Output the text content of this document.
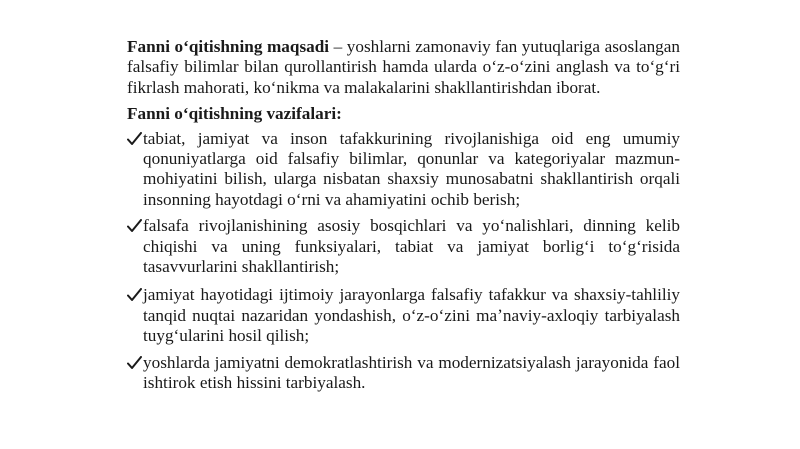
Fanni oʻqitishning maqsadi – yoshlarni zamonaviy fan yutuqlariga asoslangan falsafiy bilimlar bilan qurollantirish hamda ularda oʻz-oʻzini anglash va toʻgʻri fikrlash mahorati, koʻnikma va malakalarini shakllantirishdan iborat.

Fanni oʻqitishning vazifalari:
tabiat, jamiyat va inson tafakkurining rivojlanishiga oid eng umumiy qonuniyatlarga oid falsafiy bilimlar, qonunlar va kategoriyalar mazmun-mohiyatini bilish, ularga nisbatan shaxsiy munosabatni shakllantirish orqali insonning hayotdagi oʻrni va ahamiyatini ochib berish;
falsafa rivojlanishining asosiy bosqichlari va yoʻnalishlari, dinning kelib chiqishi va uning funksiyalari, tabiat va jamiyat borligʻi toʻgʻrisida tasavvurlarini shakllantirish;
jamiyat hayotidagi ijtimoiy jarayonlarga falsafiy tafakkur va shaxsiy-tahliliy tanqid nuqtai nazaridan yondashish, oʻz-oʻzini maʼnaviy-axloqiy tarbiyalash tuygʻularini hosil qilish;
yoshlarda jamiyatni demokratlashtirish va modernizatsiyalash jarayonida faol ishtirok etish hissini tarbiyalash.
